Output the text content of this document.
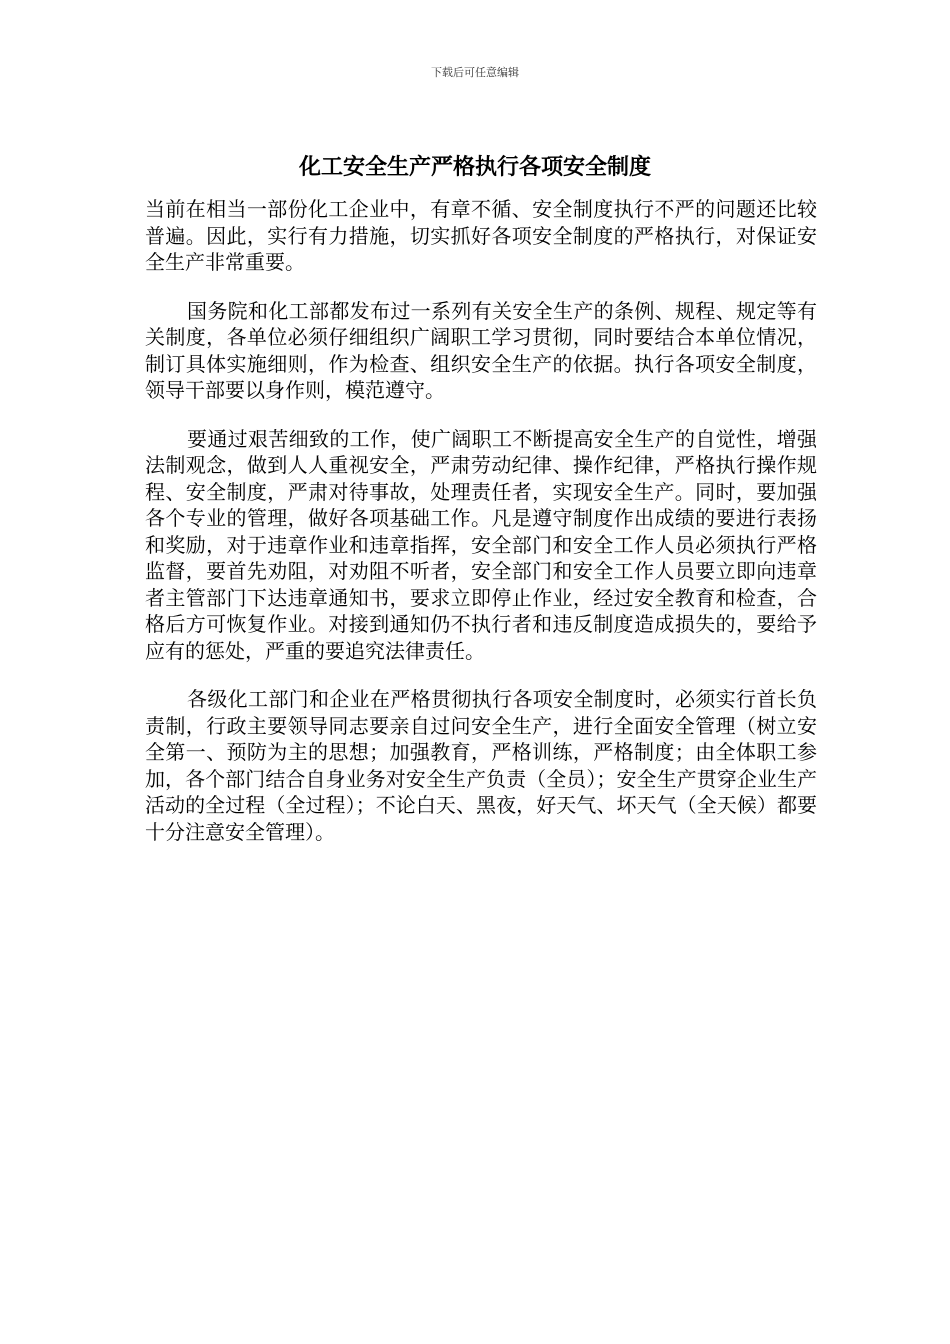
下载后可任意编辑
化工安全生产严格执行各项安全制度

当前在相当一部份化工企业中，有章不循、安全制度执行不严的问题还比较普遍。因此，实行有力措施，切实抓好各项安全制度的严格执行，对保证安全生产非常重要。

国务院和化工部都发布过一系列有关安全生产的条例、规程、规定等有关制度，各单位必须仔细组织广阔职工学习贯彻，同时要结合本单位情况，制订具体实施细则，作为检查、组织安全生产的依据。执行各项安全制度，领导干部要以身作则，模范遵守。

要通过艰苦细致的工作，使广阔职工不断提高安全生产的自觉性，增强法制观念，做到人人重视安全，严肃劳动纪律、操作纪律，严格执行操作规程、安全制度，严肃对待事故，处理责任者，实现安全生产。同时，要加强各个专业的管理，做好各项基础工作。凡是遵守制度作出成绩的要进行表扬和奖励，对于违章作业和违章指挥，安全部门和安全工作人员必须执行严格监督，要首先劝阻，对劝阻不听者，安全部门和安全工作人员要立即向违章者主管部门下达违章通知书，要求立即停止作业，经过安全教育和检查，合格后方可恢复作业。对接到通知仍不执行者和违反制度造成损失的，要给予应有的惩处，严重的要追究法律责任。

各级化工部门和企业在严格贯彻执行各项安全制度时，必须实行首长负责制，行政主要领导同志要亲自过问安全生产，进行全面安全管理（树立安全第一、预防为主的思想；加强教育，严格训练，严格制度；由全体职工参加，各个部门结合自身业务对安全生产负责（全员）；安全生产贯穿企业生产活动的全过程（全过程）；不论白天、黑夜，好天气、坏天气（全天候）都要十分注意安全管理）。
